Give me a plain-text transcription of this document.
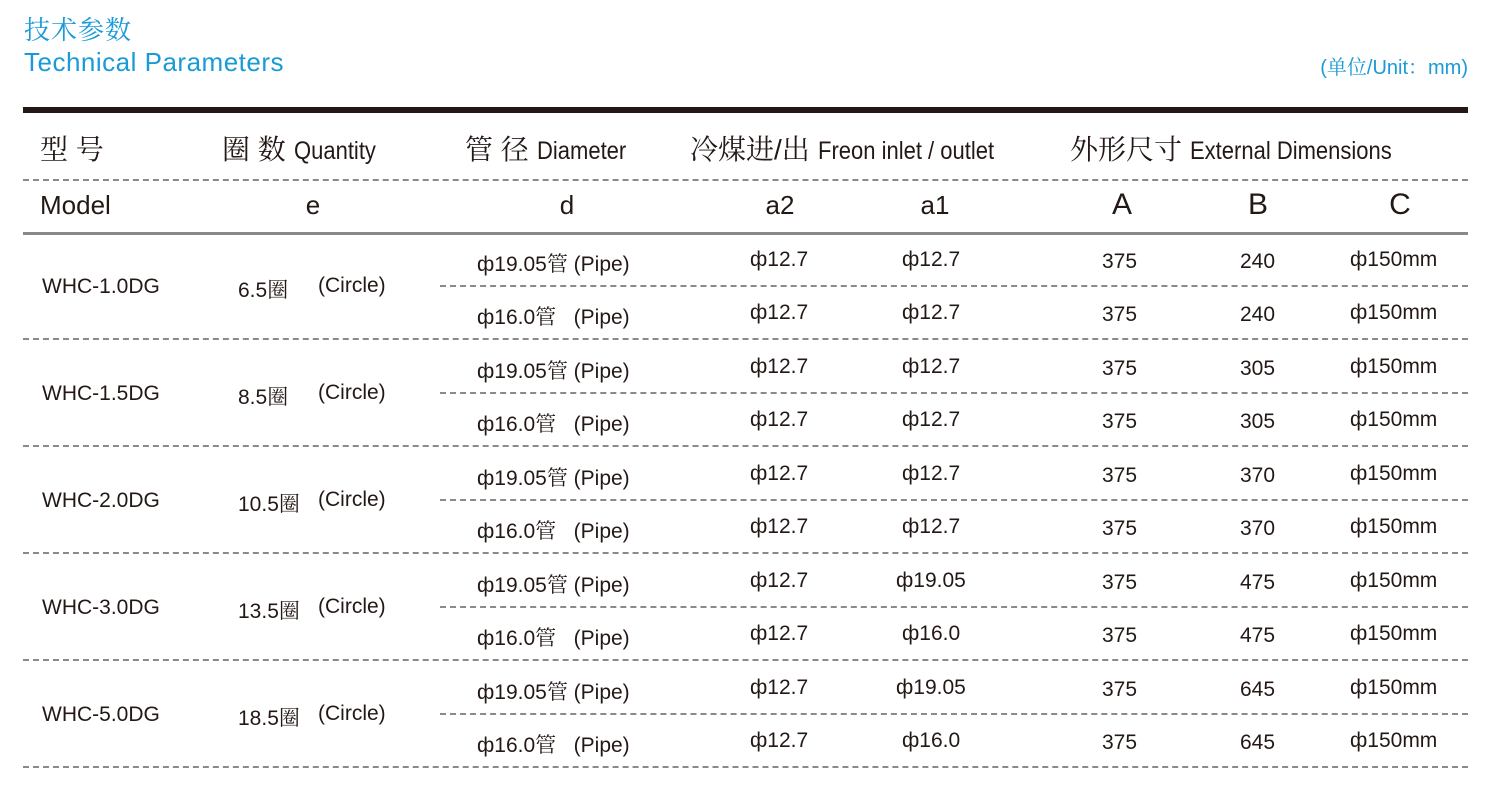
技术参数
Technical Parameters	(单位/Unit：mm)
型 号	圈 数 Quantity	管 径 Diameter	冷煤进/出 Freon inlet / outlet	外形尺寸 External Dimensions
Model	e	d	a2	a1	A	B	C
WHC-1.0DG	6.5圈 (Circle)
ф19.05管 (Pipe)	ф12.7	ф12.7	375	240	ф150mm
ф16.0管   (Pipe)	ф12.7	ф12.7	375	240	ф150mm
WHC-1.5DG	8.5圈 (Circle)
ф19.05管 (Pipe)	ф12.7	ф12.7	375	305	ф150mm
ф16.0管   (Pipe)	ф12.7	ф12.7	375	305	ф150mm
WHC-2.0DG	10.5圈 (Circle)
ф19.05管 (Pipe)	ф12.7	ф12.7	375	370	ф150mm
ф16.0管   (Pipe)	ф12.7	ф12.7	375	370	ф150mm
WHC-3.0DG	13.5圈 (Circle)
ф19.05管 (Pipe)	ф12.7	ф19.05	375	475	ф150mm
ф16.0管   (Pipe)	ф12.7	ф16.0	375	475	ф150mm
WHC-5.0DG	18.5圈 (Circle)
ф19.05管 (Pipe)	ф12.7	ф19.05	375	645	ф150mm
ф16.0管   (Pipe)	ф12.7	ф16.0	375	645	ф150mm
